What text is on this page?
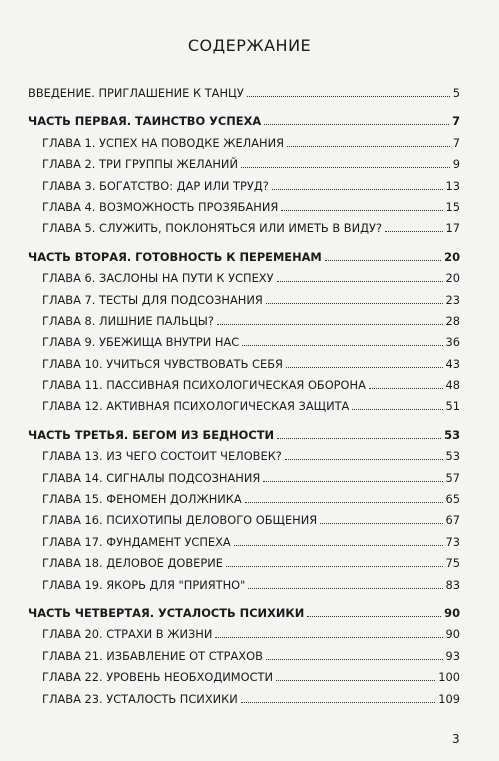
СОДЕРЖАНИЕ
ВВЕДЕНИЕ. ПРИГЛАШЕНИЕ К ТАНЦУ	5
ЧАСТЬ ПЕРВАЯ. ТАИНСТВО УСПЕХА	7
ГЛАВА 1. УСПЕХ НА ПОВОДКЕ ЖЕЛАНИЯ	7
ГЛАВА 2. ТРИ ГРУППЫ ЖЕЛАНИЙ	9
ГЛАВА 3. БОГАТСТВО: ДАР ИЛИ ТРУД?	13
ГЛАВА 4. ВОЗМОЖНОСТЬ ПРОЗЯБАНИЯ	15
ГЛАВА 5. СЛУЖИТЬ, ПОКЛОНЯТЬСЯ ИЛИ ИМЕТЬ В ВИДУ?	17
ЧАСТЬ ВТОРАЯ. ГОТОВНОСТЬ К ПЕРЕМЕНАМ	20
ГЛАВА 6. ЗАСЛОНЫ НА ПУТИ К УСПЕХУ	20
ГЛАВА 7. ТЕСТЫ ДЛЯ ПОДСОЗНАНИЯ	23
ГЛАВА 8. ЛИШНИЕ ПАЛЬЦЫ?	28
ГЛАВА 9. УБЕЖИЩА ВНУТРИ НАС	36
ГЛАВА 10. УЧИТЬСЯ ЧУВСТВОВАТЬ СЕБЯ	43
ГЛАВА 11. ПАССИВНАЯ ПСИХОЛОГИЧЕСКАЯ ОБОРОНА	48
ГЛАВА 12. АКТИВНАЯ ПСИХОЛОГИЧЕСКАЯ ЗАЩИТА	51
ЧАСТЬ ТРЕТЬЯ. БЕГОМ ИЗ БЕДНОСТИ	53
ГЛАВА 13. ИЗ ЧЕГО СОСТОИТ ЧЕЛОВЕК?	53
ГЛАВА 14. СИГНАЛЫ ПОДСОЗНАНИЯ	57
ГЛАВА 15. ФЕНОМЕН ДОЛЖНИКА	65
ГЛАВА 16. ПСИХОТИПЫ ДЕЛОВОГО ОБЩЕНИЯ	67
ГЛАВА 17. ФУНДАМЕНТ УСПЕХА	73
ГЛАВА 18. ДЕЛОВОЕ ДОВЕРИЕ	75
ГЛАВА 19. ЯКОРЬ ДЛЯ "ПРИЯТНО"	83
ЧАСТЬ ЧЕТВЕРТАЯ. УСТАЛОСТЬ ПСИХИКИ	90
ГЛАВА 20. СТРАХИ В ЖИЗНИ	90
ГЛАВА 21. ИЗБАВЛЕНИЕ ОТ СТРАХОВ	93
ГЛАВА 22. УРОВЕНЬ НЕОБХОДИМОСТИ	100
ГЛАВА 23. УСТАЛОСТЬ ПСИХИКИ	109
3
